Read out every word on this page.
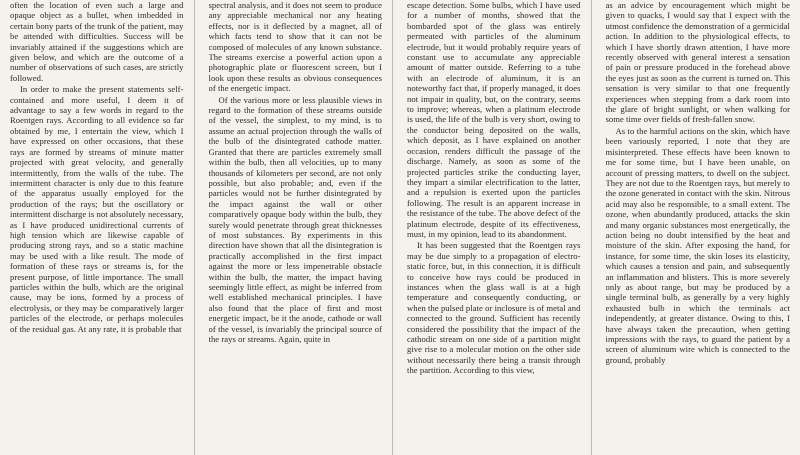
often the location of even such a large and opaque object as a bullet, when imbedded in certain bony parts of the trunk of the patient, may be attended with difficulties. Success will be invariably attained if the suggestions which are given below, and which are the outcome of a number of observations of such cases, are strictly followed.

In order to make the present statements self-contained and more useful, I deem it of advantage to say a few words in regard to the Roentgen rays. According to all evidence so far obtained by me, I entertain the view, which I have expressed on other occasions, that these rays are formed by streams of minute matter projected with great velocity, and generally intermittently, from the walls of the tube. The intermittent character is only due to this feature of the apparatus usually employed for the production of the rays; but the oscillatory or intermittent discharge is not absolutely necessary, as I have produced unidirectional currents of high tension which are likewise capable of producing strong rays, and so a static machine may be used with a like result. The mode of formation of these rays or streams is, for the present purpose, of little importance. The small particles within the bulb, which are the original cause, may be ions, formed by a process of electrolysis, or they may be comparatively larger particles of the electrode, or perhaps molecules of the residual gas. At any rate, it is probable that

spectral analysis, and it does not seem to produce any appreciable mechanical nor any heating effects, nor is it deflected by a magnet, all of which facts tend to show that it can not be composed of molecules of any known substance. The streams exercise a powerful action upon a photographic plate or fluorescent screen, but I look upon these results as obvious consequences of the energetic impact.

Of the various more or less plausible views in regard to the formation of these streams outside of the vessel, the simplest, to my mind, is to assume an actual projection through the walls of the bulb of the disintegrated cathode matter. Granted that there are particles extremely small within the bulb, then all velocities, up to many thousands of kilometers per second, are not only possible, but also probable; and, even if the particles would not be further disintegrated by the impact against the wall or other comparatively opaque body within the bulb, they surely would penetrate through great thicknesses of most substances. By experiments in this direction have shown that all the disintegration is practically accomplished in the first impact against the more or less impenetrable obstacle within the bulb, the matter, the impact having seemingly little effect, as might be inferred from well established mechanical principles. I have also found that the place of first and most energetic impact, be it the anode, cathode or wall of the vessel, is invariably the principal source of the rays or streams. Again, quite in

escape detection. Some bulbs, which I have used for a number of months, showed that the bombarded spot of the glass was entirely permeated with particles of the aluminum electrode, but it would probably require years of constant use to accumulate any appreciable amount of matter outside. Referring to a tube with an electrode of aluminum, it is an noteworthy fact that, if properly managed, it does not impair in quality, but, on the contrary, seems to improve; whereas, when a platinum electrode is used, the life of the bulb is very short, owing to the conductor being deposited on the walls, which deposit, as I have explained on another occasion, renders difficult the passage of the discharge. Namely, as soon as some of the projected particles strike the conducting layer, they impart a similar electrification to the latter, and a repulsion is exerted upon the particles following. The result is an apparent increase in the resistance of the tube. The above defect of the platinum electrode, despite of its effectiveness, must, in my opinion, lead to its abandonment.

It has been suggested that the Roentgen rays may be due simply to a propagation of electro-static force, but, in this connection, it is difficult to conceive how rays could be produced in instances when the glass wall is at a high temperature and consequently conducting, or when the pulsed plate or inclosure is of metal and connected to the ground. Sufficient has recently considered the possibility that the impact of the cathodic stream on one side of a partition might give rise to a molecular motion on the other side without necessarily there being a transit through the partition. According to this view,

as an advice by encouragement which might be given to quacks, I would say that I expect with the utmost confidence the demonstration of a germicidal action. In addition to the physiological effects, to which I have shortly drawn attention, I have more recently observed with general interest a sensation of pain or pressure produced in the forehead above the eyes just as soon as the current is turned on. This sensation is very similar to that one frequently experiences when stepping from a dark room into the glare of bright sunlight, or when walking for some time over fields of fresh-fallen snow.

As to the harmful actions on the skin, which have been variously reported, I note that they are misinterpreted. These effects have been known to me for some time, but I have been unable, on account of pressing matters, to dwell on the subject. They are not due to the Roentgen rays, but merely to the ozone generated in contact with the skin. Nitrous acid may also be responsible, to a small extent. The ozone, when abundantly produced, attacks the skin and many organic substances most energetically, the action being no doubt intensified by the heat and moisture of the skin. After exposing the hand, for instance, for some time, the skin loses its elasticity, which causes a tension and pain, and subsequently an inflammation and blisters. This is more severely only as about range, but may be produced by a single terminal bulb, as generally by a very highly exhausted bulb in which the terminals act independently, at greater distance. Owing to this, I have always taken the precaution, when getting impressions with the rays, to guard the patient by a screen of aluminum wire which is connected to the ground, probably
